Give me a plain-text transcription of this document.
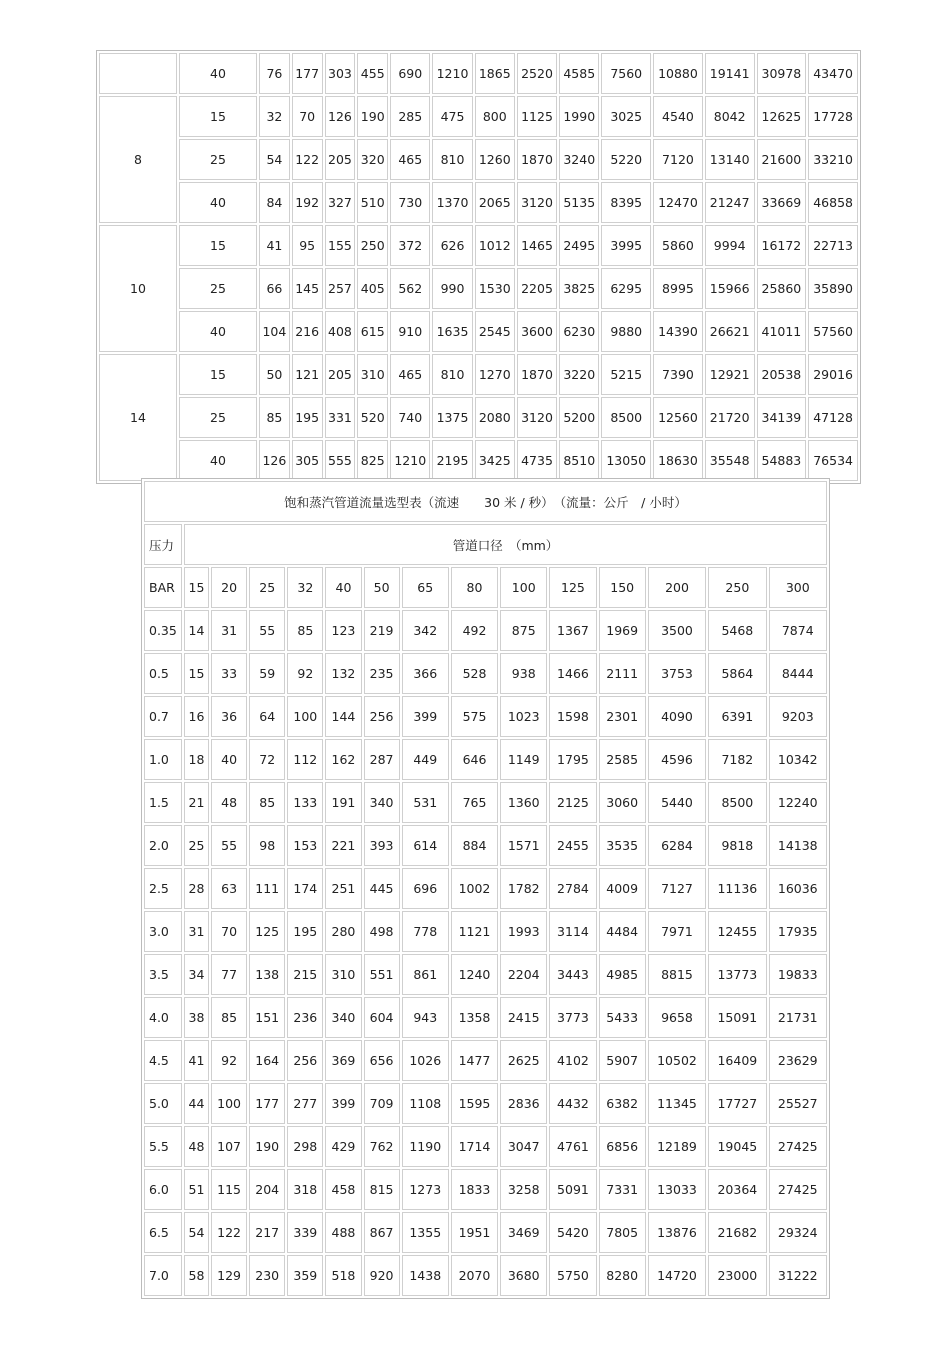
	40	76	177	303	455	690	1210	1865	2520	4585	7560	10880	19141	30978	43470
8	15	32	70	126	190	285	475	800	1125	1990	3025	4540	8042	12625	17728
	25	54	122	205	320	465	810	1260	1870	3240	5220	7120	13140	21600	33210
	40	84	192	327	510	730	1370	2065	3120	5135	8395	12470	21247	33669	46858
10	15	41	95	155	250	372	626	1012	1465	2495	3995	5860	9994	16172	22713
	25	66	145	257	405	562	990	1530	2205	3825	6295	8995	15966	25860	35890
	40	104	216	408	615	910	1635	2545	3600	6230	9880	14390	26621	41011	57560
14	15	50	121	205	310	465	810	1270	1870	3220	5215	7390	12921	20538	29016
	25	85	195	331	520	740	1375	2080	3120	5200	8500	12560	21720	34139	47128
	40	126	305	555	825	1210	2195	3425	4735	8510	13050	18630	35548	54883	76534
饱和蒸汽管道流量选型表（流速　　30 米 / 秒）　（流量：公斤　/ 小时）														
压力	管道口径　（mm）													
BAR	15	20	25	32	40	50	65	80	100	125	150	200	250	300
0.35	14	31	55	85	123	219	342	492	875	1367	1969	3500	5468	7874
0.5	15	33	59	92	132	235	366	528	938	1466	2111	3753	5864	8444
0.7	16	36	64	100	144	256	399	575	1023	1598	2301	4090	6391	9203
1.0	18	40	72	112	162	287	449	646	1149	1795	2585	4596	7182	10342
1.5	21	48	85	133	191	340	531	765	1360	2125	3060	5440	8500	12240
2.0	25	55	98	153	221	393	614	884	1571	2455	3535	6284	9818	14138
2.5	28	63	111	174	251	445	696	1002	1782	2784	4009	7127	11136	16036
3.0	31	70	125	195	280	498	778	1121	1993	3114	4484	7971	12455	17935
3.5	34	77	138	215	310	551	861	1240	2204	3443	4985	8815	13773	19833
4.0	38	85	151	236	340	604	943	1358	2415	3773	5433	9658	15091	21731
4.5	41	92	164	256	369	656	1026	1477	2625	4102	5907	10502	16409	23629
5.0	44	100	177	277	399	709	1108	1595	2836	4432	6382	11345	17727	25527
5.5	48	107	190	298	429	762	1190	1714	3047	4761	6856	12189	19045	27425
6.0	51	115	204	318	458	815	1273	1833	3258	5091	7331	13033	20364	27425
6.5	54	122	217	339	488	867	1355	1951	3469	5420	7805	13876	21682	29324
7.0	58	129	230	359	518	920	1438	2070	3680	5750	8280	14720	23000	31222
